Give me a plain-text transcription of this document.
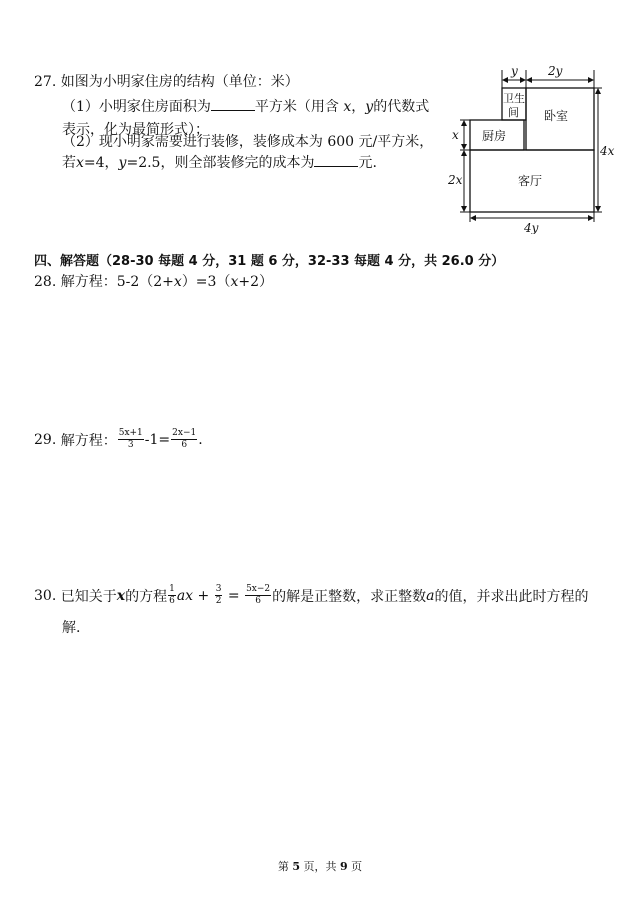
27. 如图为小明家住房的结构（单位：米）
（1）小明家住房面积为	平方米（用含 x，y的代数式
表示，化为最简形式）；
（2）现小明家需要进行装修，装修成本为 600 元/平方米，
若x=4，y=2.5，则全部装修完的成本为	元.
y	2y
x
2x
4x
4y
卫生
间 卧室
厨房
客厅
四、解答题（28-30 每题 4 分，31 题 6 分，32-33 每题 4 分，共 26.0 分）
28. 解方程：5-2（2+x）=3（x+2）
29.
解方程： $\frac{5x+1}{3} -1= \frac{2x-1}{6}$ .
30.
已知关于 x 的方程 $\frac{1}{6}$ ax + $\frac{3}{2} = \frac{5x-2}{6}$ 的解是正整数，求正整数 a 的值，并求出此时方程的
解.
第 5 页，共 9 页
